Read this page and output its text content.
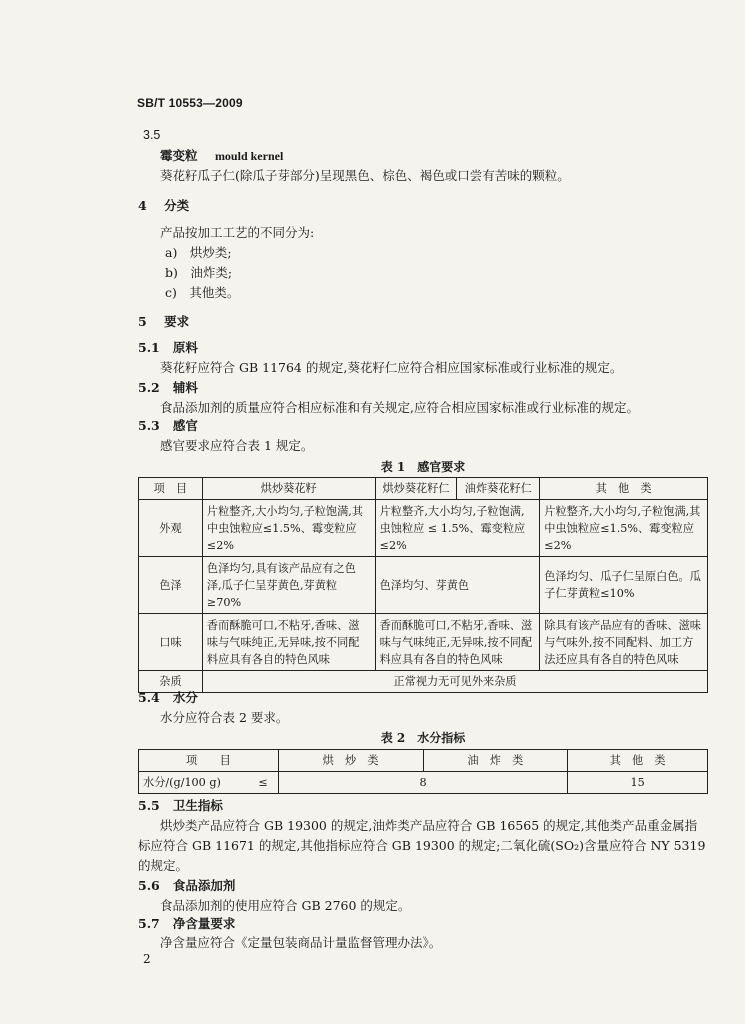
SB/T 10553—2009
3.5
霉变粒 mould kernel
葵花籽瓜子仁(除瓜子芽部分)呈现黑色、棕色、褐色或口尝有苦味的颗粒。
4 分类
产品按加工工艺的不同分为:
a)　烘炒类;
b)　油炸类;
c)　其他类。
5 要求
5.1 原料
葵花籽应符合 GB 11764 的规定,葵花籽仁应符合相应国家标准或行业标准的规定。
5.2 辅料
食品添加剂的质量应符合相应标准和有关规定,应符合相应国家标准或行业标准的规定。
5.3 感官
感官要求应符合表 1 规定。
表 1　感官要求
项　目	烘炒葵花籽	烘炒葵花籽仁	油炸葵花籽仁	其　他　类
外观	片粒整齐,大小均匀,子粒饱满,其中虫蚀粒应≤1.5%、霉变粒应≤2%	片粒整齐,大小均匀,子粒饱满,虫蚀粒应 ≤ 1.5%、霉变粒应≤2%		片粒整齐,大小均匀,子粒饱满,其中虫蚀粒应≤1.5%、霉变粒应≤2%
色泽	色泽均匀,具有该产品应有之色泽,瓜子仁呈芽黄色,芽黄粒≥70%	色泽均匀、芽黄色		色泽均匀、瓜子仁呈原白色。瓜子仁芽黄粒≤10%
口味	香而酥脆可口,不粘牙,香味、滋味与气味纯正,无异味,按不同配料应具有各自的特色风味	香而酥脆可口,不粘牙,香味、滋味与气味纯正,无异味,按不同配料应具有各自的特色风味		除具有该产品应有的香味、滋味与气味外,按不同配料、加工方法还应具有各自的特色风味
杂质	正常视力无可见外来杂质			
5.4 水分
水分应符合表 2 要求。
表 2　水分指标
项　　目	烘　炒　类	油　炸　类	其　他　类
水分/(g/100 g) ≤	8		15
5.5 卫生指标
烘炒类产品应符合 GB 19300 的规定,油炸类产品应符合 GB 16565 的规定,其他类产品重金属指
标应符合 GB 11671 的规定,其他指标应符合 GB 19300 的规定;二氧化硫(SO₂)含量应符合 NY 5319
的规定。
5.6 食品添加剂
食品添加剂的使用应符合 GB 2760 的规定。
5.7 净含量要求
净含量应符合《定量包装商品计量监督管理办法》。
2
